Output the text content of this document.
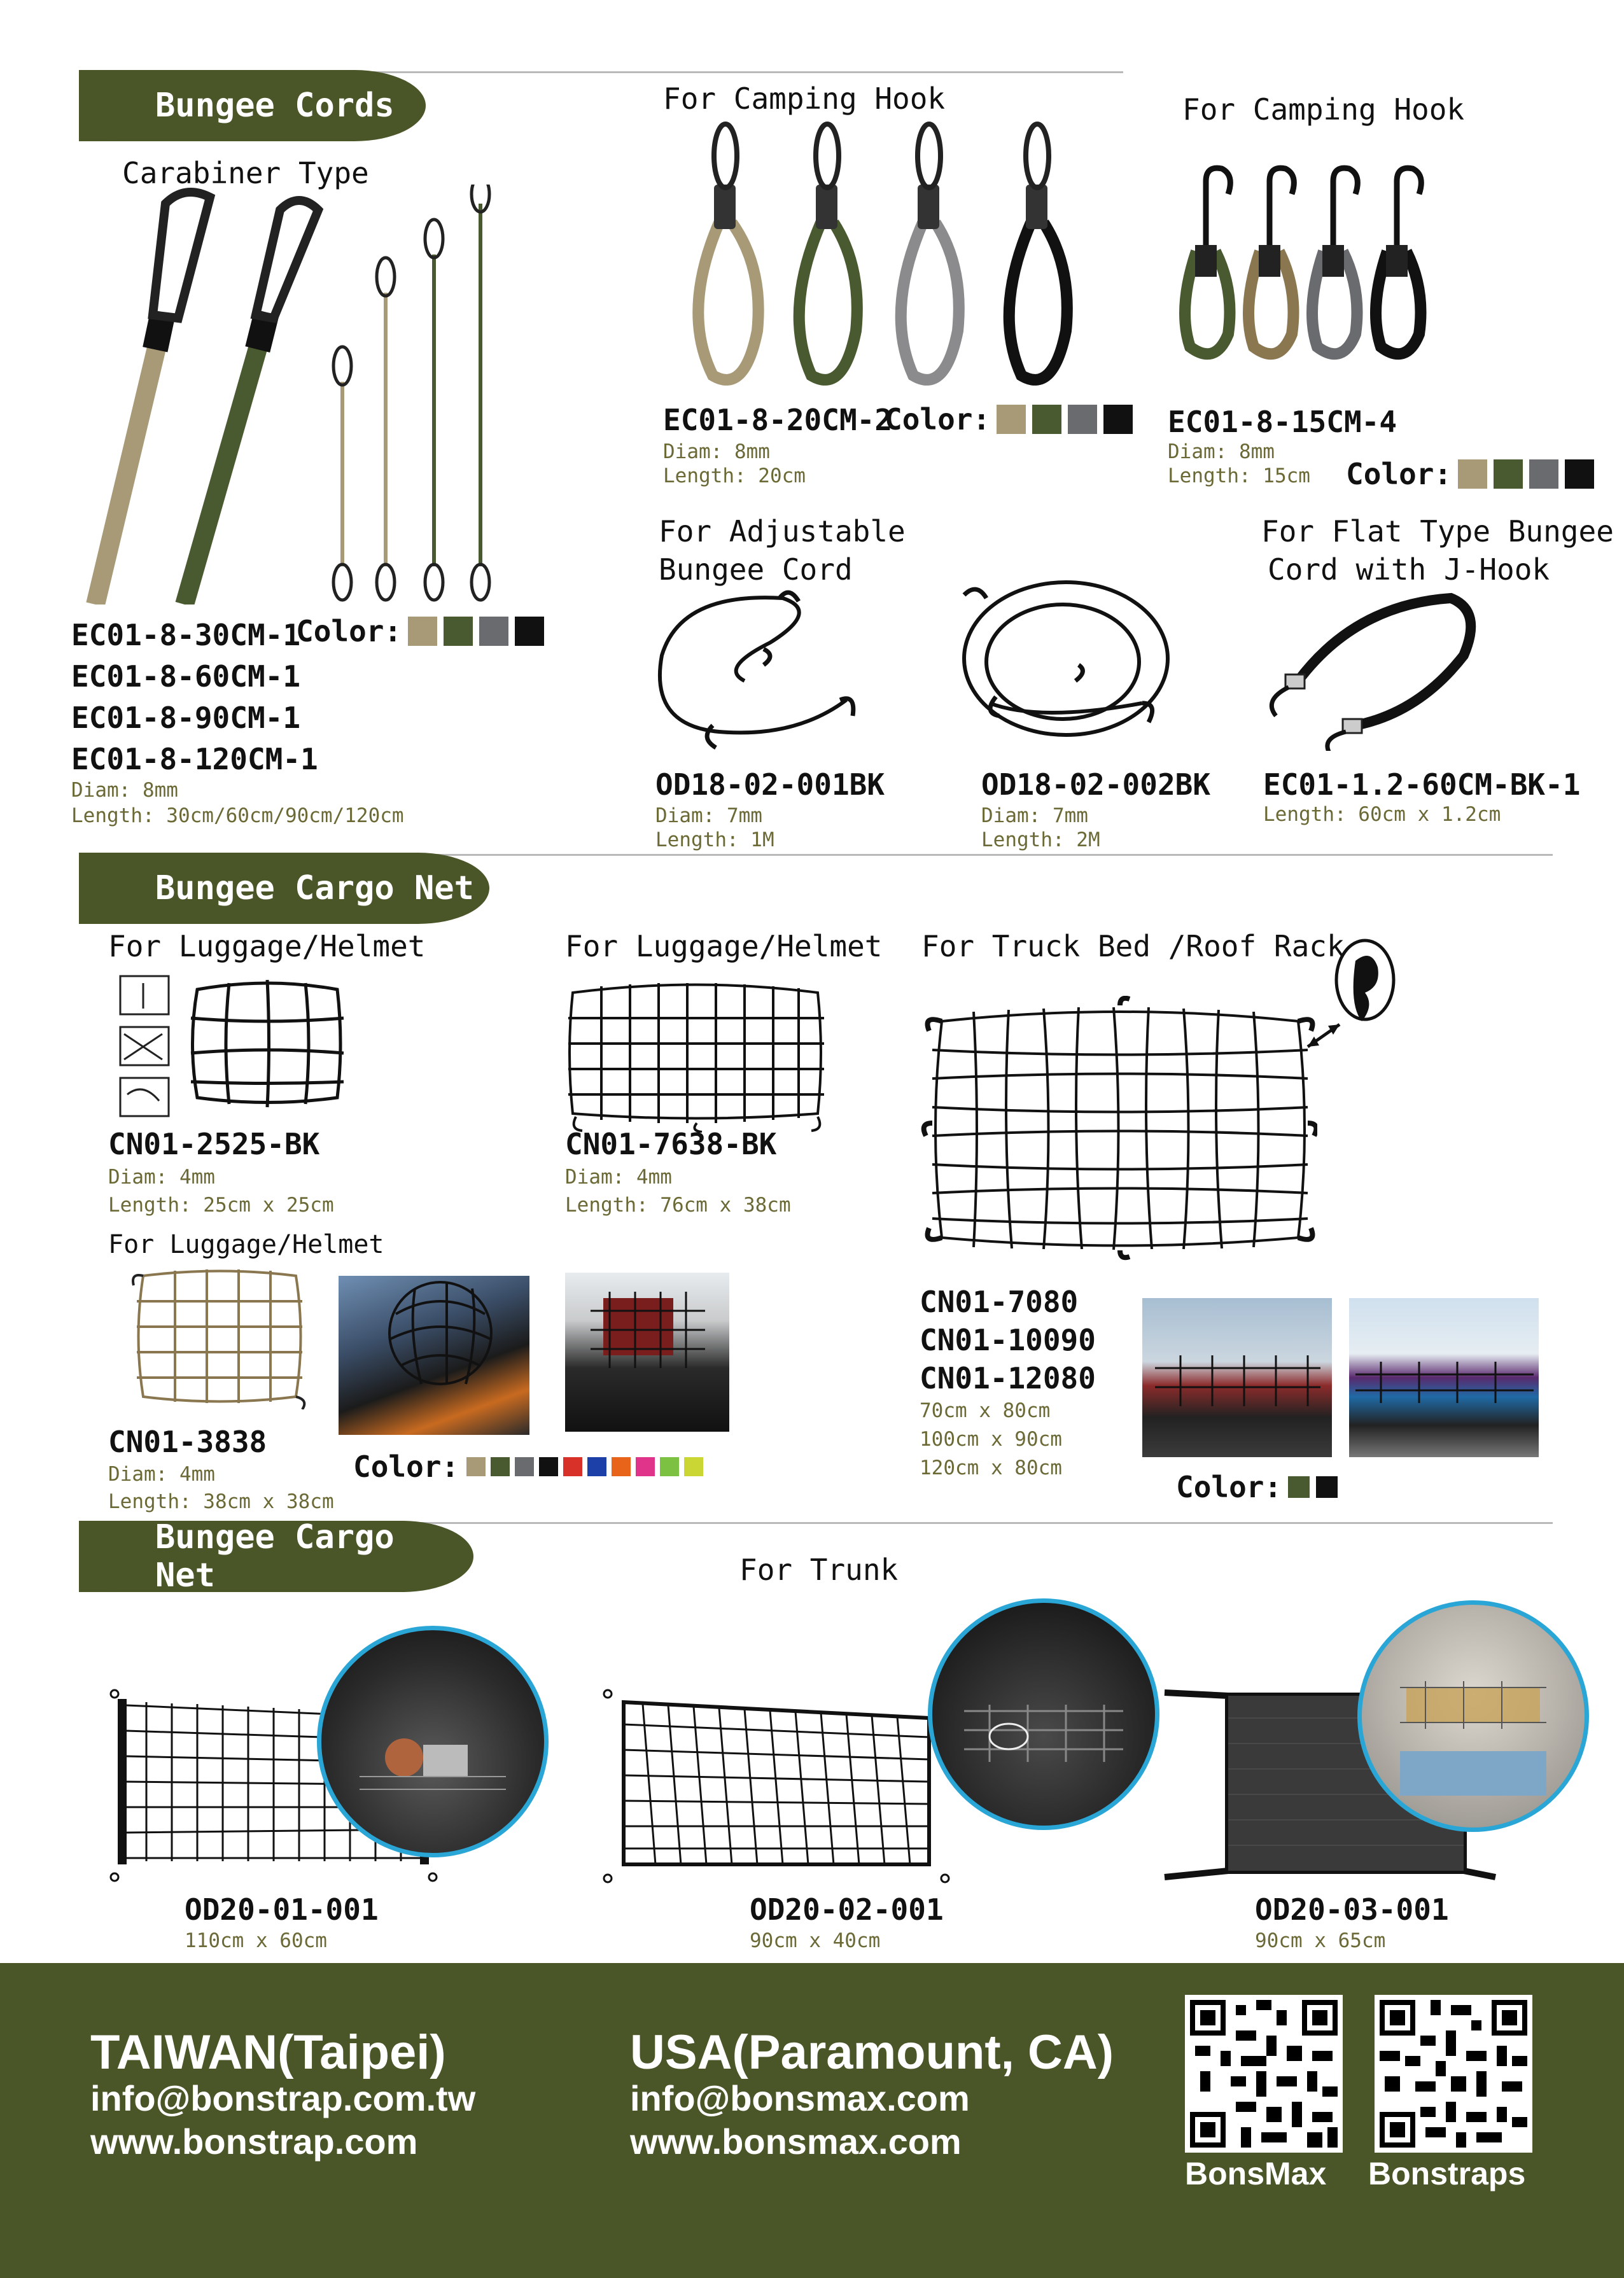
Bungee Cords
Carabiner Type
EC01-8-30CM-1
EC01-8-60CM-1
EC01-8-90CM-1
EC01-8-120CM-1
Diam: 8mm
Length: 30cm/60cm/90cm/120cm
Color:
For Camping Hook
EC01-8-20CM-2
Diam: 8mm
Length: 20cm
Color:
For Camping Hook
EC01-8-15CM-4
Diam: 8mm
Length: 15cm Color:
For Adjustable
Bungee Cord
OD18-02-001BK
Diam: 7mm
Length: 1M
OD18-02-002BK
Diam: 7mm
Length: 2M
For Flat Type Bungee
Cord with J-Hook
EC01-1.2-60CM-BK-1
Length: 60cm x 1.2cm
Bungee Cargo Net
For Luggage/Helmet
CN01-2525-BK
Diam: 4mm
Length: 25cm x 25cm
For Luggage/Helmet
CN01-7638-BK
Diam: 4mm
Length: 76cm x 38cm
For Luggage/Helmet
CN01-3838
Diam: 4mm
Length: 38cm x 38cm
Color:
For Truck Bed /Roof Rack
CN01-7080
CN01-10090
CN01-12080
70cm x 80cm
100cm x 90cm
120cm x 80cm
Color:
Bungee Cargo Net	For Trunk
OD20-01-001
110cm x 60cm
OD20-02-001
90cm x 40cm
OD20-03-001
90cm x 65cm
TAIWAN(Taipei)
info@bonstrap.com.tw
www.bonstrap.com
USA(Paramount, CA)
info@bonsmax.com
www.bonsmax.com
BonsMax Bonstraps
